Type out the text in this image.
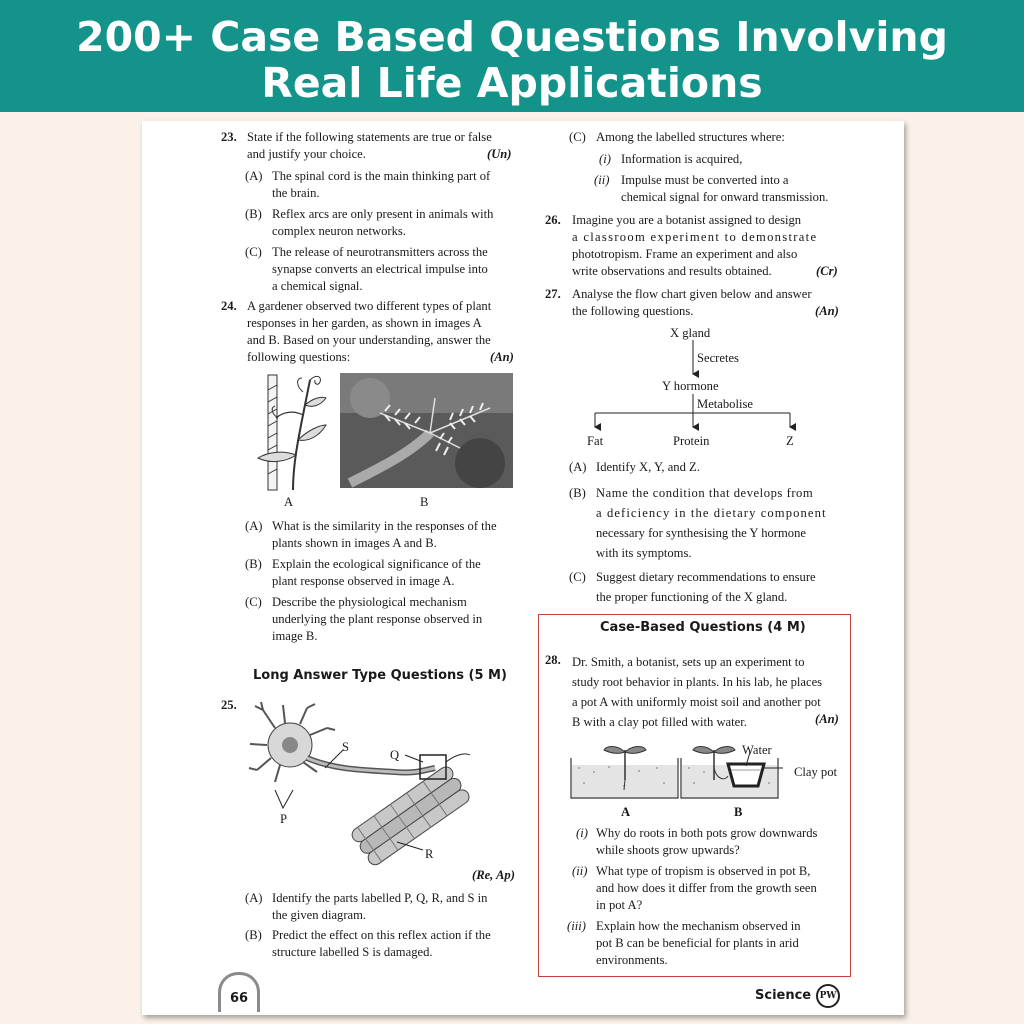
200+ Case Based Questions Involving
Real Life Applications
23. State if the following statements are true or false
and justify your choice.	(Un)
(A) The spinal cord is the main thinking part of
the brain.
(B) Reflex arcs are only present in animals with
complex neuron networks.
(C) The release of neurotransmitters across the
synapse converts an electrical impulse into
a chemical signal.
24. A gardener observed two different types of plant
responses in her garden, as shown in images A
and B. Based on your understanding, answer the
following questions:	(An)
A	B
(A) What is the similarity in the responses of the
plants shown in images A and B.
(B) Explain the ecological significance of the
plant response observed in image A.
(C) Describe the physiological mechanism
underlying the plant response observed in
image B.
Long Answer Type Questions (5 M)
25.
S
Q
P
R
(Re, Ap)
(A) Identify the parts labelled P, Q, R, and S in
the given diagram.
(B) Predict the effect on this reflex action if the
structure labelled S is damaged.
(C) Among the labelled structures where:
(i) Information is acquired,
(ii) Impulse must be converted into a
chemical signal for onward transmission.
26. Imagine you are a botanist assigned to design
a classroom experiment to demonstrate
phototropism. Frame an experiment and also
write observations and results obtained.	(Cr)
27. Analyse the flow chart given below and answer
the following questions.	(An)
X gland
Secretes
Y hormone
Metabolise
Fat	Protein	Z
(A) Identify X, Y, and Z.
(B) Name the condition that develops from
a deficiency in the dietary component
necessary for synthesising the Y hormone
with its symptoms.
(C) Suggest dietary recommendations to ensure
the proper functioning of the X gland.
Case-Based Questions (4 M)
28. Dr. Smith, a botanist, sets up an experiment to
study root behavior in plants. In his lab, he places
a pot A with uniformly moist soil and another pot
B with a clay pot filled with water.	(An)
Water
Clay pot
A	B
(i) Why do roots in both pots grow downwards
while shoots grow upwards?
(ii) What type of tropism is observed in pot B,
and how does it differ from the growth seen
in pot A?
(iii) Explain how the mechanism observed in
pot B can be beneficial for plants in arid
environments.
66	Science PW
